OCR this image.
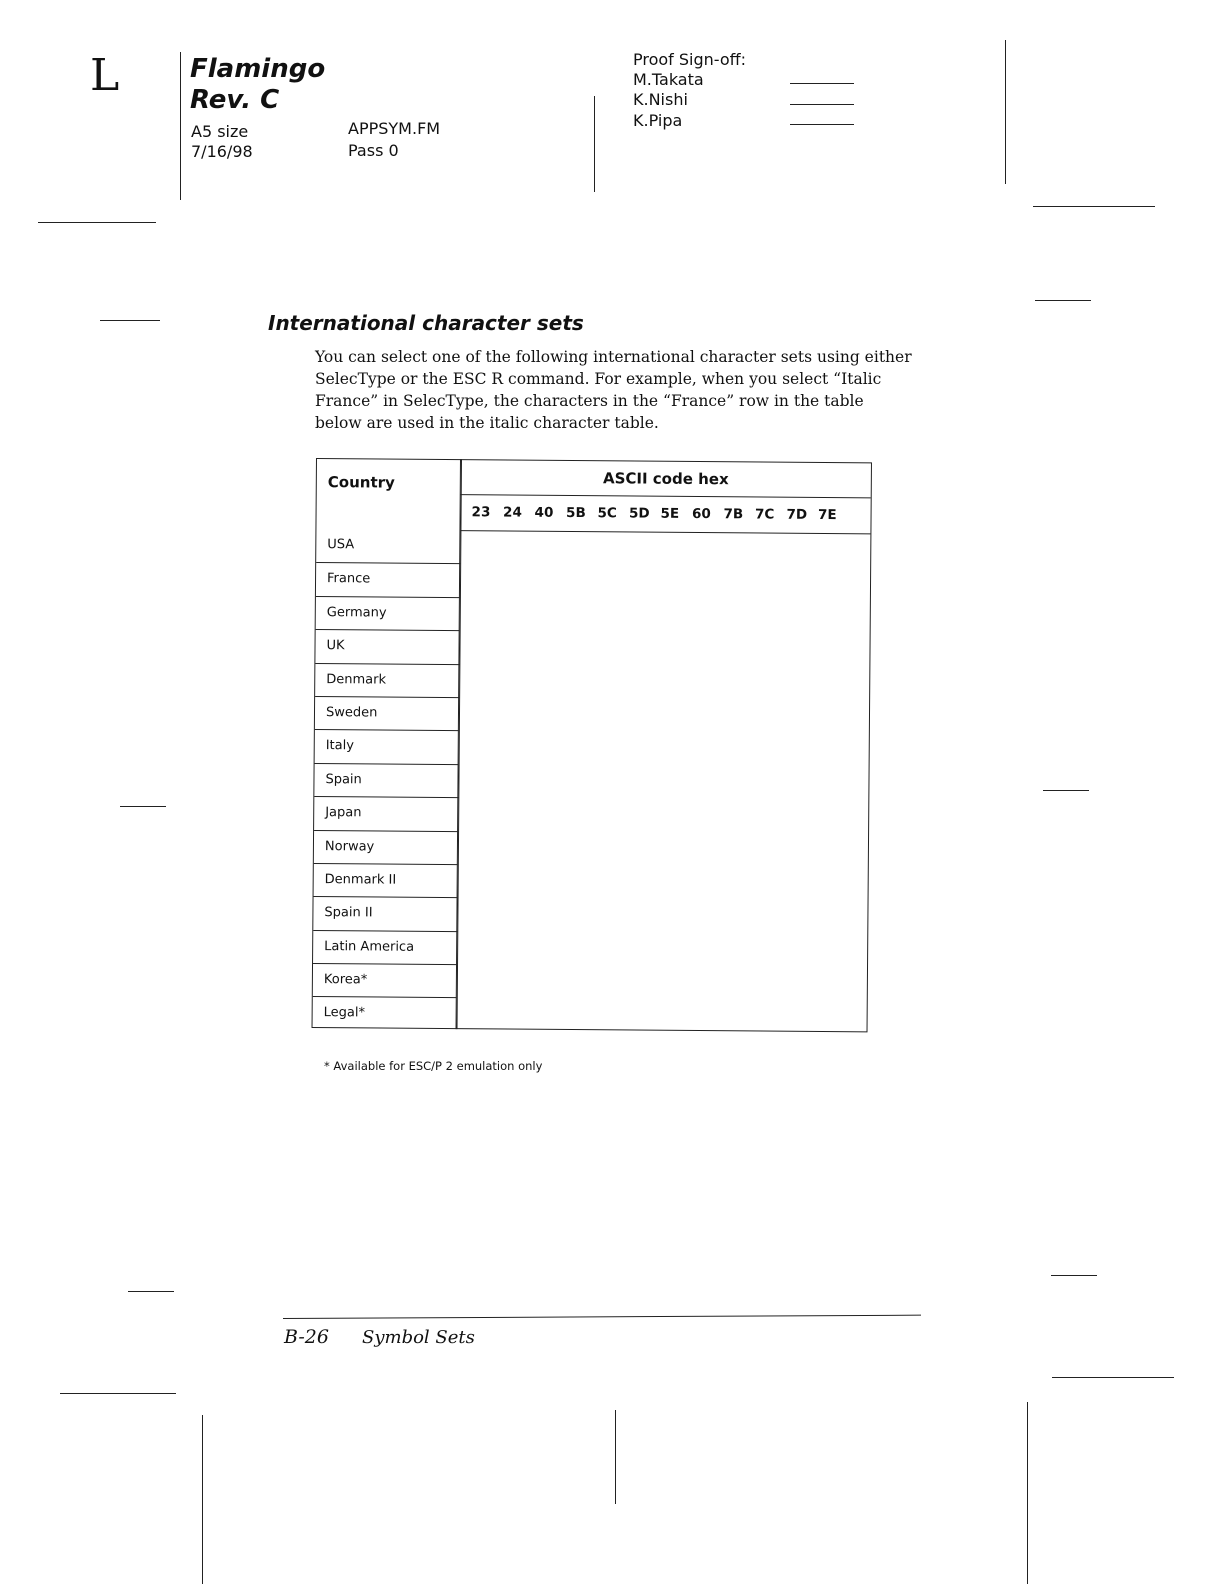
L	Flamingo
Rev. C
A5 size
7/16/98
APPSYM.FM
Pass 0
Proof Sign-off:
M.Takata
K.Nishi
K.Pipa
International character sets
You can select one of the following international character sets using either SelecType or the ESC R command. For example, when you select “Italic France” in SelecType, the characters in the “France” row in the table below are used in the italic character table.
Country
USA
France
Germany
UK
Denmark
Sweden
Italy
Spain
Japan
Norway
Denmark II
Spain II
Latin America
Korea*
Legal*
ASCII code hex
23 24 40 5B 5C 5D 5E 60 7B 7C 7D 7E
* Available for ESC/P 2 emulation only
B-26 Symbol Sets
